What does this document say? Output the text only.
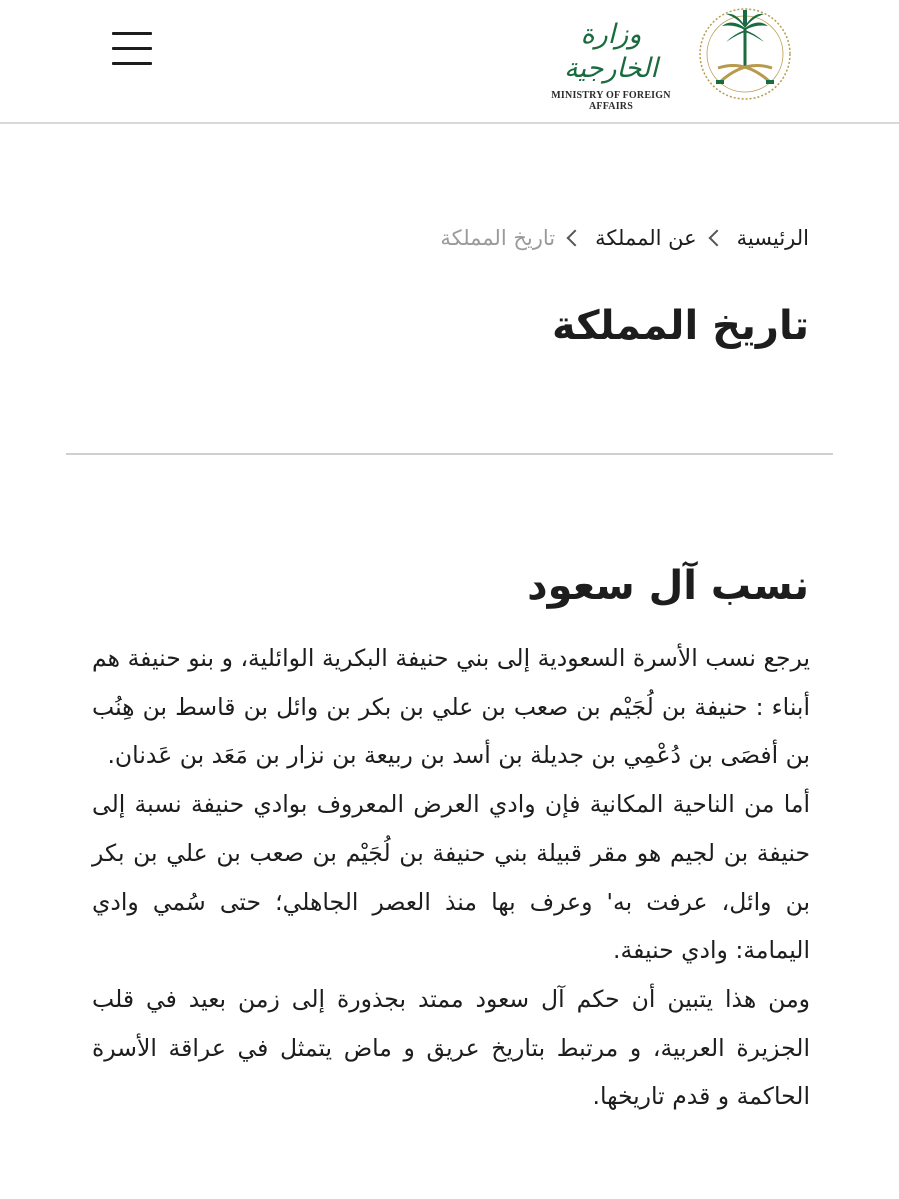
وزارة الخارجية
MINISTRY OF FOREIGN AFFAIRS
الرئيسية
عن المملكة
تاريخ المملكة
تاريخ المملكة
نسب آل سعود

يرجع نسب الأسرة السعودية إلى بني حنيفة البكرية الوائلية، و بنو حنيفة هم أبناء : حنيفة بن لُجَيْم بن صعب بن علي بن بكر بن وائل بن قاسط بن هِنُب بن أفصَى بن دُعْمِي بن جديلة بن أسد بن ربيعة بن نزار بن مَعَد بن عَدنان.

أما من الناحية المكانية فإن وادي العرض المعروف بوادي حنيفة نسبة إلى حنيفة بن لجيم هو مقر قبيلة بني حنيفة بن لُجَيْم بن صعب بن علي بن بكر بن وائل، عرفت به' وعرف ب‍ها منذ العصر الجاهلي؛ حتى سُمي وادي اليمامة: وادي حنيفة.

ومن هذا يتبين أن حكم آل سعود ممتد بجذورة إلى زمن بعيد في قلب الجزيرة العربية، و مرتبط بتاريخ عريق و ماض يتمثل في عراقة الأسرة الحاكمة و قدم تاريخها.
